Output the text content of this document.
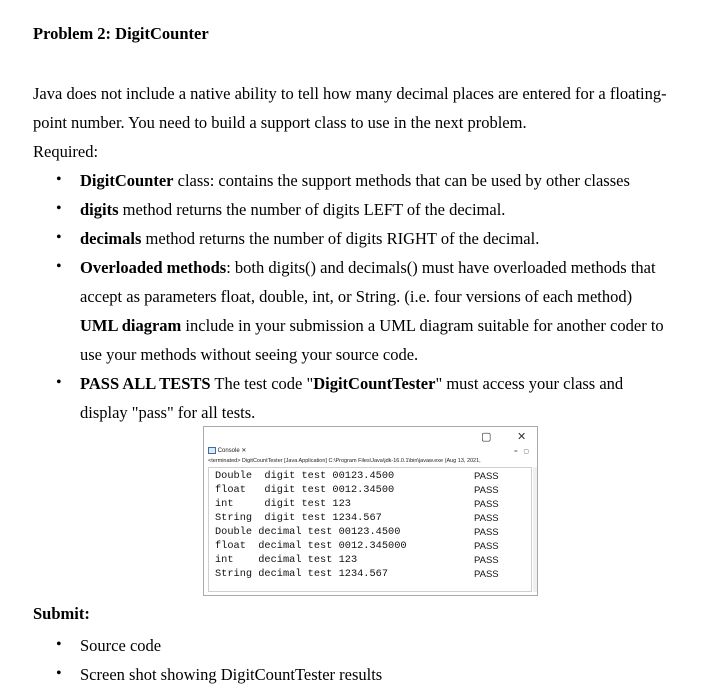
Problem 2: DigitCounter
Java does not include a native ability to tell how many decimal places are entered for a floating-
point number. You need to build a support class to use in the next problem.
Required:
• DigitCounter class: contains the support methods that can be used by other classes
• digits method returns the number of digits LEFT of the decimal.
• decimals method returns the number of digits RIGHT of the decimal.
• Overloaded methods: both digits() and decimals() must have overloaded methods that
accept as parameters float, double, int, or String. (i.e. four versions of each method)
UML diagram include in your submission a UML diagram suitable for another coder to
use your methods without seeing your source code.
• PASS ALL TESTS The test code "DigitCountTester" must access your class and
display "pass" for all tests.
▢ ✕
Console ✕	= ▢
<terminated> DigitCountTester [Java Application] C:\Program Files\Java\jdk-16.0.1\bin\javaw.exe (Aug 13, 2021,
Double  digit test 00123.4500	PASS
float   digit test 0012.34500	PASS
int     digit test 123	PASS
String  digit test 1234.567	PASS
Double decimal test 00123.4500	PASS
float  decimal test 0012.345000	PASS
int    decimal test 123	PASS
String decimal test 1234.567	PASS
Submit:
• Source code
• Screen shot showing DigitCountTester results
